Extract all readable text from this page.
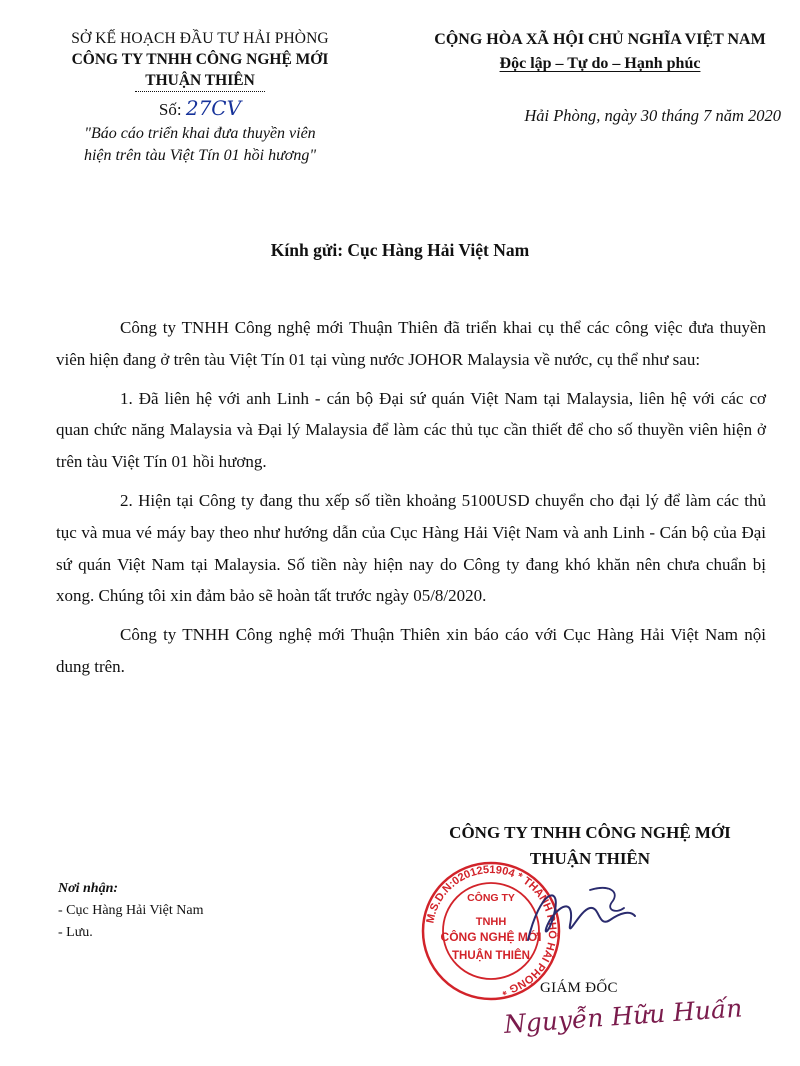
SỞ KẾ HOẠCH ĐẦU TƯ HẢI PHÒNG
CÔNG TY TNHH CÔNG NGHỆ MỚI
THUẬN THIÊN
Số: 27CV
"Báo cáo triển khai đưa thuyền viên
hiện trên tàu Việt Tín 01 hồi hương"
CỘNG HÒA XÃ HỘI CHỦ NGHĨA VIỆT NAM
Độc lập – Tự do – Hạnh phúc
Hải Phòng, ngày 30 tháng 7 năm 2020
Kính gửi: Cục Hàng Hải Việt Nam

Công ty TNHH Công nghệ mới Thuận Thiên đã triển khai cụ thể các công việc đưa thuyền viên hiện đang ở trên tàu Việt Tín 01 tại vùng nước JOHOR Malaysia về nước, cụ thể như sau:

1. Đã liên hệ với anh Linh - cán bộ Đại sứ quán Việt Nam tại Malaysia, liên hệ với các cơ quan chức năng Malaysia và Đại lý Malaysia để làm các thủ tục cần thiết để cho số thuyền viên hiện ở trên tàu Việt Tín 01 hồi hương.

2. Hiện tại Công ty đang thu xếp số tiền khoảng 5100USD chuyển cho đại lý để làm các thủ tục và mua vé máy bay theo như hướng dẫn của Cục Hàng Hải Việt Nam và anh Linh - Cán bộ của Đại sứ quán Việt Nam tại Malaysia. Số tiền này hiện nay do Công ty đang khó khăn nên chưa chuẩn bị xong. Chúng tôi xin đảm bảo sẽ hoàn tất trước ngày 05/8/2020.

Công ty TNHH Công nghệ mới Thuận Thiên xin báo cáo với Cục Hàng Hải Việt Nam nội dung trên.

CÔNG TY TNHH CÔNG NGHỆ MỚI
THUẬN THIÊN
Nơi nhận:
- Cục Hàng Hải Việt Nam
- Lưu.
M.S.D.N:0201251904 * THÀNH PHỐ HẢI PHÒNG *
CÔNG TY
TNHH
CÔNG NGHỆ MỚI
THUẬN THIÊN
GIÁM ĐỐC
Nguyễn Hữu Huấn
